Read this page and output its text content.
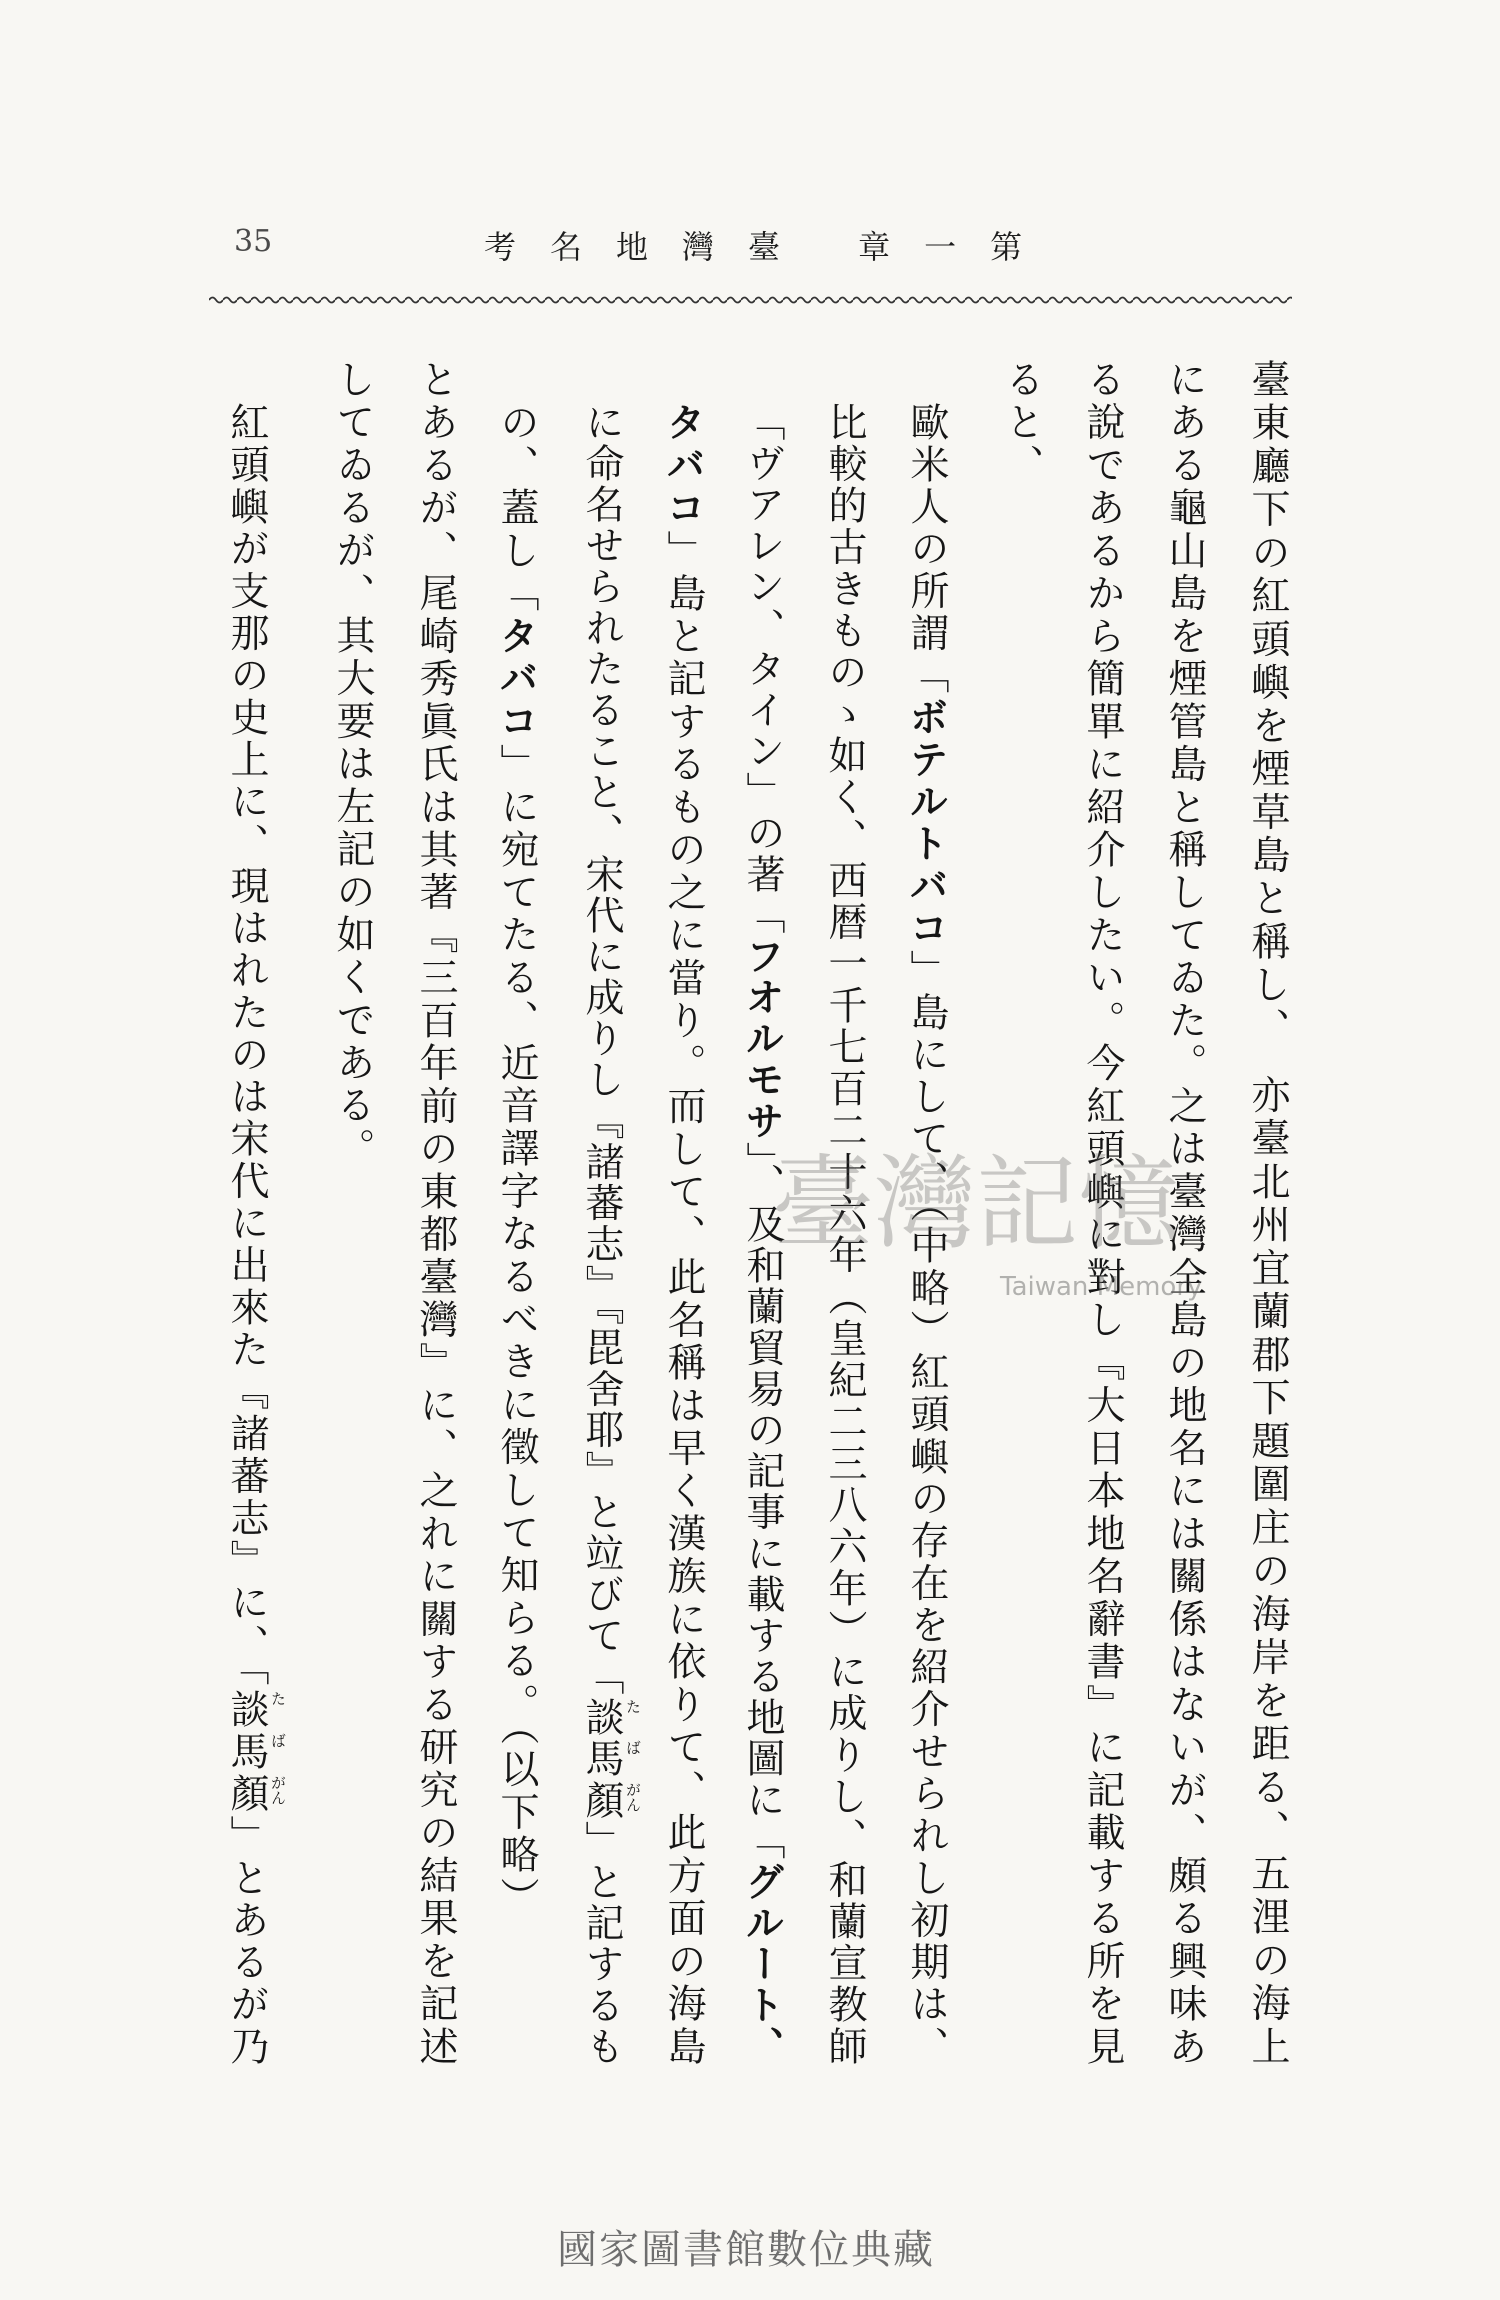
35	第一章 臺灣地名考
臺東廳下の紅頭嶼を煙草島と稱し、　亦臺北州宜蘭郡下題圍庄の海岸を距る、五浬の海上
にある龜山島を煙管島と稱してゐた。之は臺灣全島の地名には關係はないが、頗る興味あ
る說であるから簡單に紹介したい。今紅頭嶼に對し『大日本地名辭書』に記載する所を見
ると、
歐米人の所謂「ボテルトバコ」島にして、（中略）紅頭嶼の存在を紹介せられし初期は、
比較的古きものゝ如く、西暦一千七百二十六年（皇紀二三八六年）に成りし、和蘭宣教師
「ヴアレン、タイン」の著「フオルモサ」、及和蘭貿易の記事に載する地圖に「グルート、
タバコ」島と記するもの之に當り。而して、此名稱は早く漢族に依りて、此方面の海島
に命名せられたること、宋代に成りし『諸蕃志』『毘舍耶』と竝びて「談 た
馬 ば
顏 がん
」と記するも
の、蓋し「タバコ」に宛てたる、近音譯字なるべきに徵して知らる。（以下略）
とあるが、尾崎秀眞氏は其著『三百年前の東都臺灣』に、之れに關する研究の結果を記述
してゐるが、其大要は左記の如くである。
紅頭嶼が支那の史上に、現はれたのは宋代に出來た『諸蕃志』に、「談 た
馬 ば
顏 がん
」とあるが乃
臺灣記憶
Taiwan Memory
國家圖書館數位典藏
